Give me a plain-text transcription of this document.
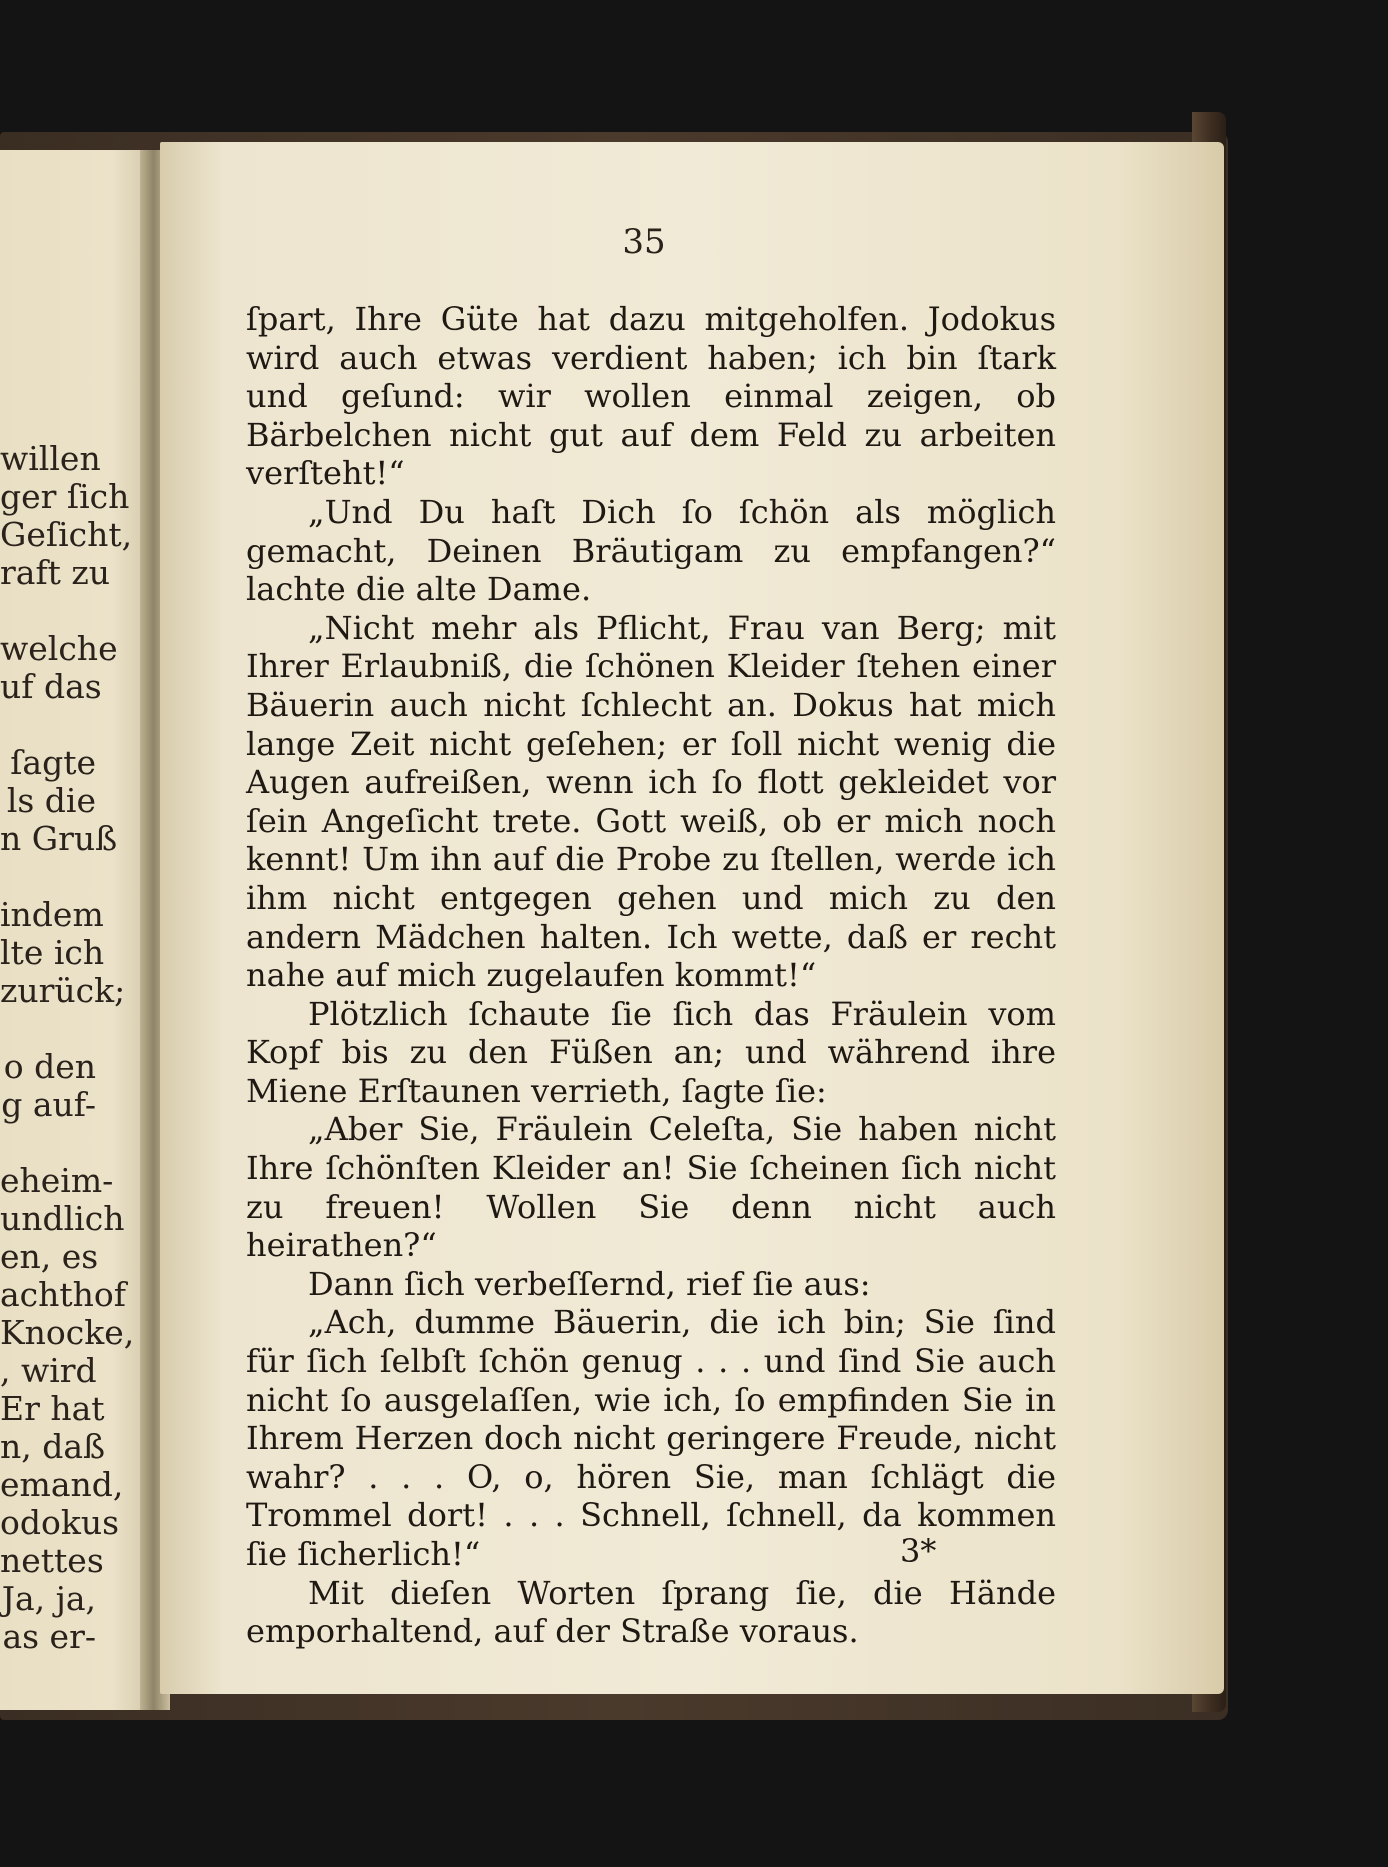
willen
ger ſich
Geſicht,
raft zu
welche
uf das
ſagte
ls die
n Gruß
indem
lte ich
zurück;
o den
g auf-
eheim-
undlich
en, es
achthof
Knocke,
, wird
Er hat
n, daß
emand,
odokus
nettes
Ja, ja,
as er-
35

ſpart, Ihre Güte hat dazu mitgeholfen. Jodokus wird auch etwas verdient haben; ich bin ſtark und geſund: wir wollen einmal zeigen, ob Bärbelchen nicht gut auf dem Feld zu arbeiten verſteht!“

„Und Du haſt Dich ſo ſchön als möglich gemacht, Deinen Bräutigam zu empfangen?“ lachte die alte Dame.

„Nicht mehr als Pflicht, Frau van Berg; mit Ihrer Erlaubniß, die ſchönen Kleider ſtehen einer Bäuerin auch nicht ſchlecht an. Dokus hat mich lange Zeit nicht geſehen; er ſoll nicht wenig die Augen aufreißen, wenn ich ſo flott gekleidet vor ſein Angeſicht trete. Gott weiß, ob er mich noch kennt! Um ihn auf die Probe zu ſtellen, werde ich ihm nicht entgegen gehen und mich zu den andern Mädchen halten. Ich wette, daß er recht nahe auf mich zugelaufen kommt!“

Plötzlich ſchaute ſie ſich das Fräulein vom Kopf bis zu den Füßen an; und während ihre Miene Erſtaunen verrieth, ſagte ſie:

„Aber Sie, Fräulein Celeſta, Sie haben nicht Ihre ſchönſten Kleider an! Sie ſcheinen ſich nicht zu freuen! Wollen Sie denn nicht auch heirathen?“

Dann ſich verbeſſernd, rief ſie aus:

„Ach, dumme Bäuerin, die ich bin; Sie ſind für ſich ſelbſt ſchön genug . . . und ſind Sie auch nicht ſo ausgelaſſen, wie ich, ſo empfinden Sie in Ihrem Herzen doch nicht geringere Freude, nicht wahr? . . . O, o, hören Sie, man ſchlägt die Trommel dort! . . . Schnell, ſchnell, da kommen ſie ſicherlich!“

Mit dieſen Worten ſprang ſie, die Hände emporhaltend, auf der Straße voraus.

3*
